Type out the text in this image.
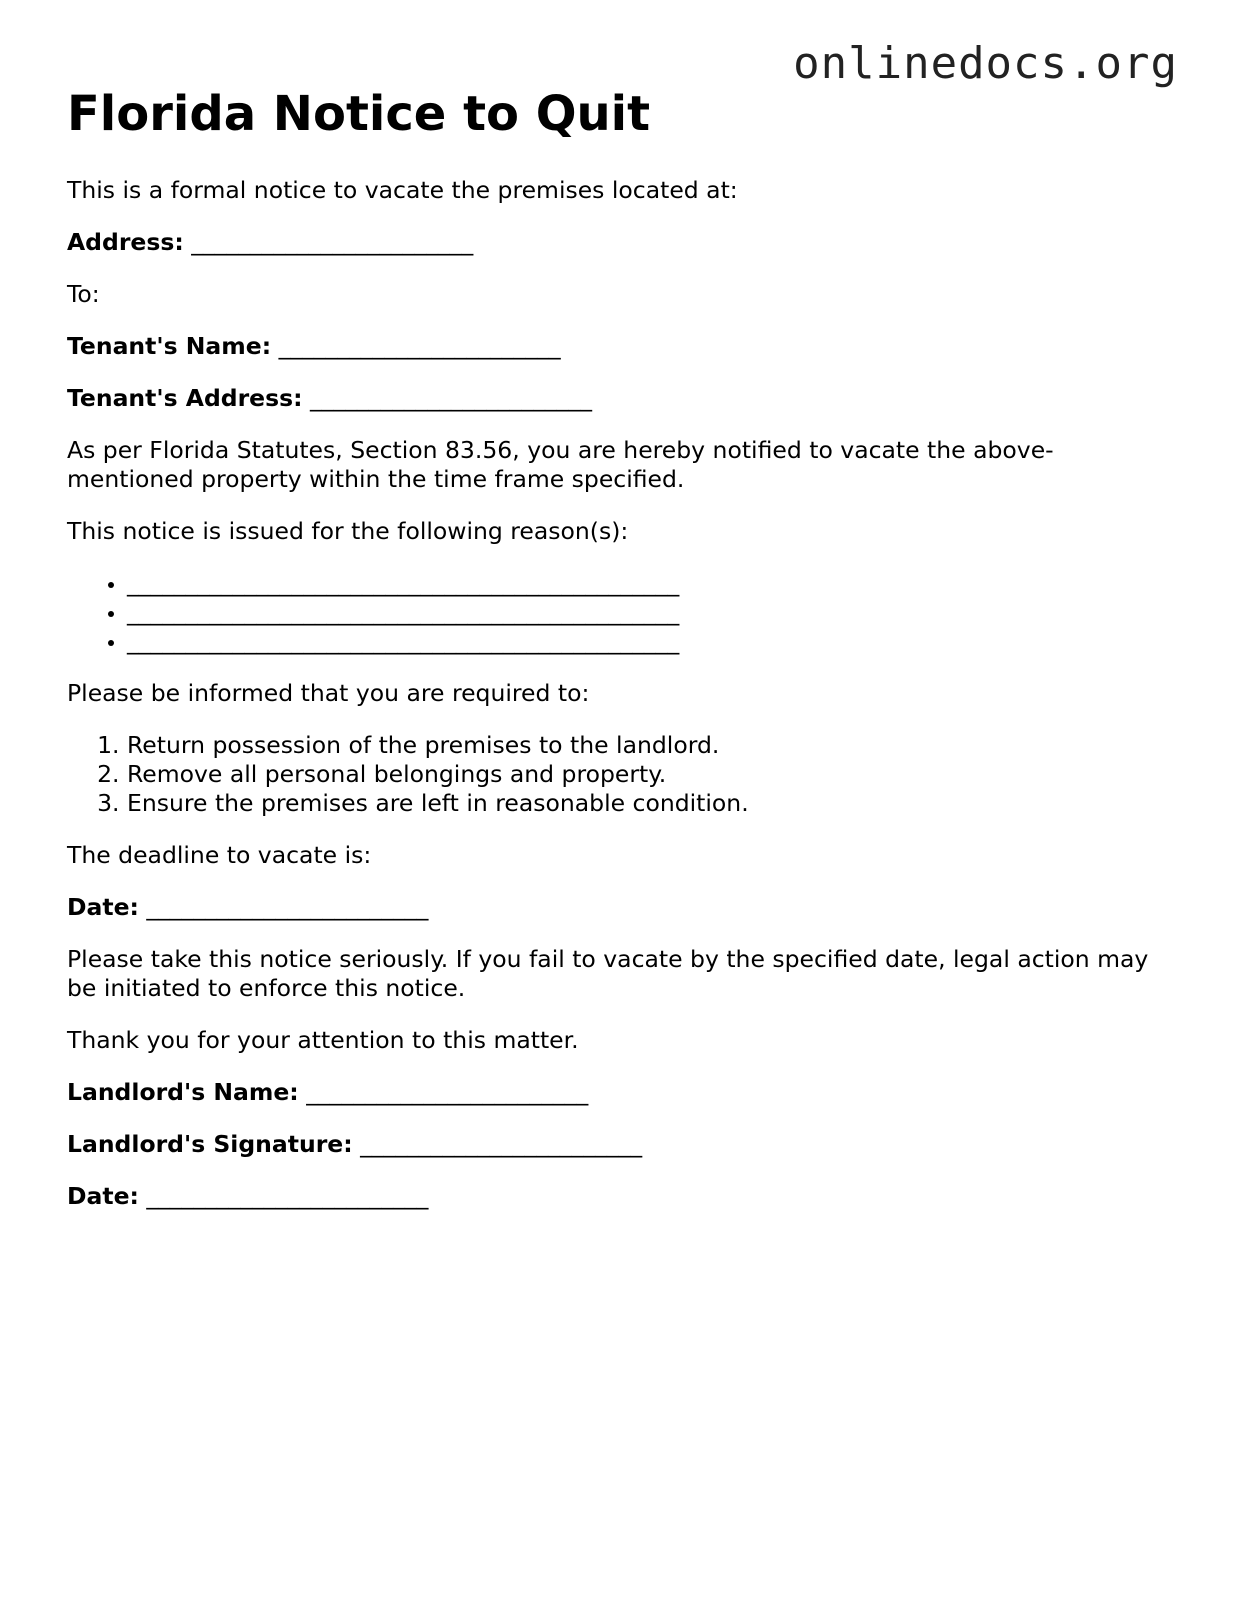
onlinedocs.org
Florida Notice to Quit

This is a formal notice to vacate the premises located at:

Address: ________________________

To:

Tenant's Name: ________________________

Tenant's Address: ________________________

As per Florida Statutes, Section 83.56, you are hereby notified to vacate the above-mentioned property within the time frame specified.

This notice is issued for the following reason(s):

• _______________________________________________
• _______________________________________________
• _______________________________________________

Please be informed that you are required to:

1. Return possession of the premises to the landlord.
2. Remove all personal belongings and property.
3. Ensure the premises are left in reasonable condition.

The deadline to vacate is:

Date: ________________________

Please take this notice seriously. If you fail to vacate by the specified date, legal action may be initiated to enforce this notice.

Thank you for your attention to this matter.

Landlord's Name: ________________________

Landlord's Signature: ________________________

Date: ________________________
